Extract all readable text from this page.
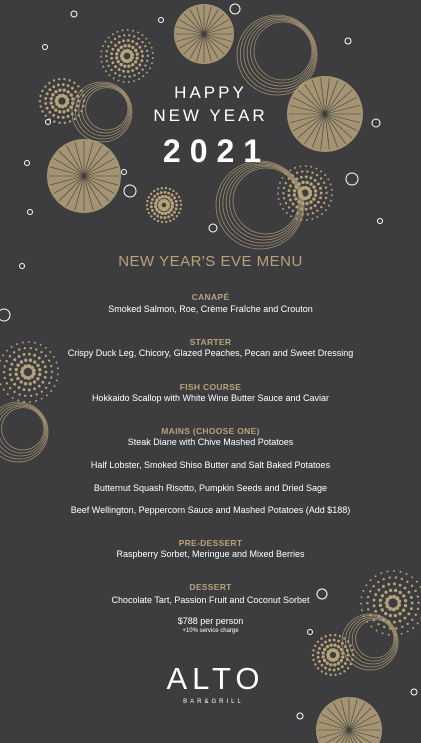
HAPPY
NEW YEAR
2021
NEW YEAR'S EVE MENU
CANAPÉ
Smoked Salmon, Roe, Crème Fraîche and Crouton
STARTER
Crispy Duck Leg, Chicory, Glazed Peaches, Pecan and Sweet Dressing
FISH COURSE
Hokkaido Scallop with White Wine Butter Sauce and Caviar
MAINS (CHOOSE ONE)
Steak Diane with Chive Mashed Potatoes
Half Lobster, Smoked Shiso Butter and Salt Baked Potatoes
Butternut Squash Risotto, Pumpkin Seeds and Dried Sage
Beef Wellington, Peppercorn Sauce and Mashed Potatoes (Add $188)
PRE-DESSERT
Raspberry Sorbet, Meringue and Mixed Berries
DESSERT
Chocolate Tart, Passion Fruit and Coconut Sorbet
$788 per person
+10% service charge
ALTO
BAR&GRILL
